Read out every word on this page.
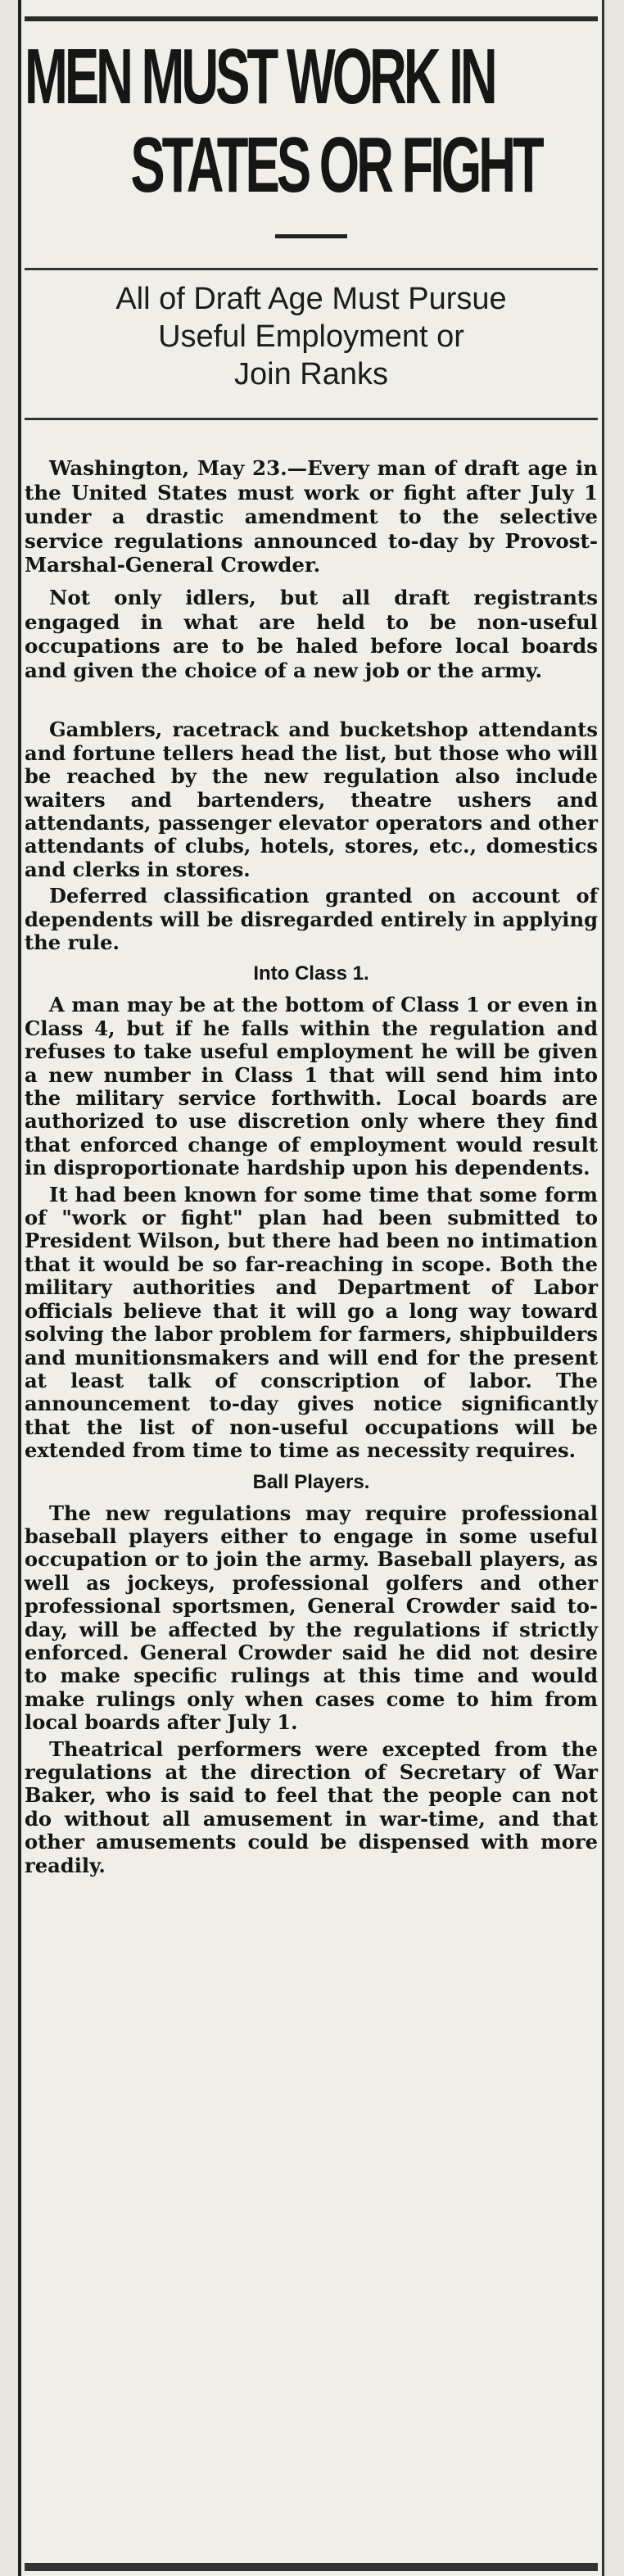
MEN MUST WORK IN
STATES OR FIGHT
All of Draft Age Must Pursue
Useful Employment or
Join Ranks

Washington, May 23.—Every man of draft age in the United States must work or fight after July 1 under a drastic amendment to the selective service regulations announced to-day by Provost-Marshal-General Crowder.

Not only idlers, but all draft registrants engaged in what are held to be non-useful occupations are to be haled before local boards and given the choice of a new job or the army.

Gamblers, racetrack and bucketshop attendants and fortune tellers head the list, but those who will be reached by the new regulation also include waiters and bartenders, theatre ushers and attendants, passenger elevator operators and other attendants of clubs, hotels, stores, etc., domestics and clerks in stores.

Deferred classification granted on account of dependents will be disregarded entirely in applying the rule.

Into Class 1.

A man may be at the bottom of Class 1 or even in Class 4, but if he falls within the regulation and refuses to take useful employment he will be given a new number in Class 1 that will send him into the military service forthwith. Local boards are authorized to use discretion only where they find that enforced change of employment would result in disproportionate hardship upon his dependents.

It had been known for some time that some form of "work or fight" plan had been submitted to President Wilson, but there had been no intimation that it would be so far-reaching in scope. Both the military authorities and Department of Labor officials believe that it will go a long way toward solving the labor problem for farmers, shipbuilders and munitionsmakers and will end for the present at least talk of conscription of labor. The announcement to-day gives notice significantly that the list of non-useful occupations will be extended from time to time as necessity requires.

Ball Players.

The new regulations may require professional baseball players either to engage in some useful occupation or to join the army. Baseball players, as well as jockeys, professional golfers and other professional sportsmen, General Crowder said to-day, will be affected by the regulations if strictly enforced. General Crowder said he did not desire to make specific rulings at this time and would make rulings only when cases come to him from local boards after July 1.

Theatrical performers were excepted from the regulations at the direction of Secretary of War Baker, who is said to feel that the people can not do without all amusement in war-time, and that other amusements could be dispensed with more readily.
